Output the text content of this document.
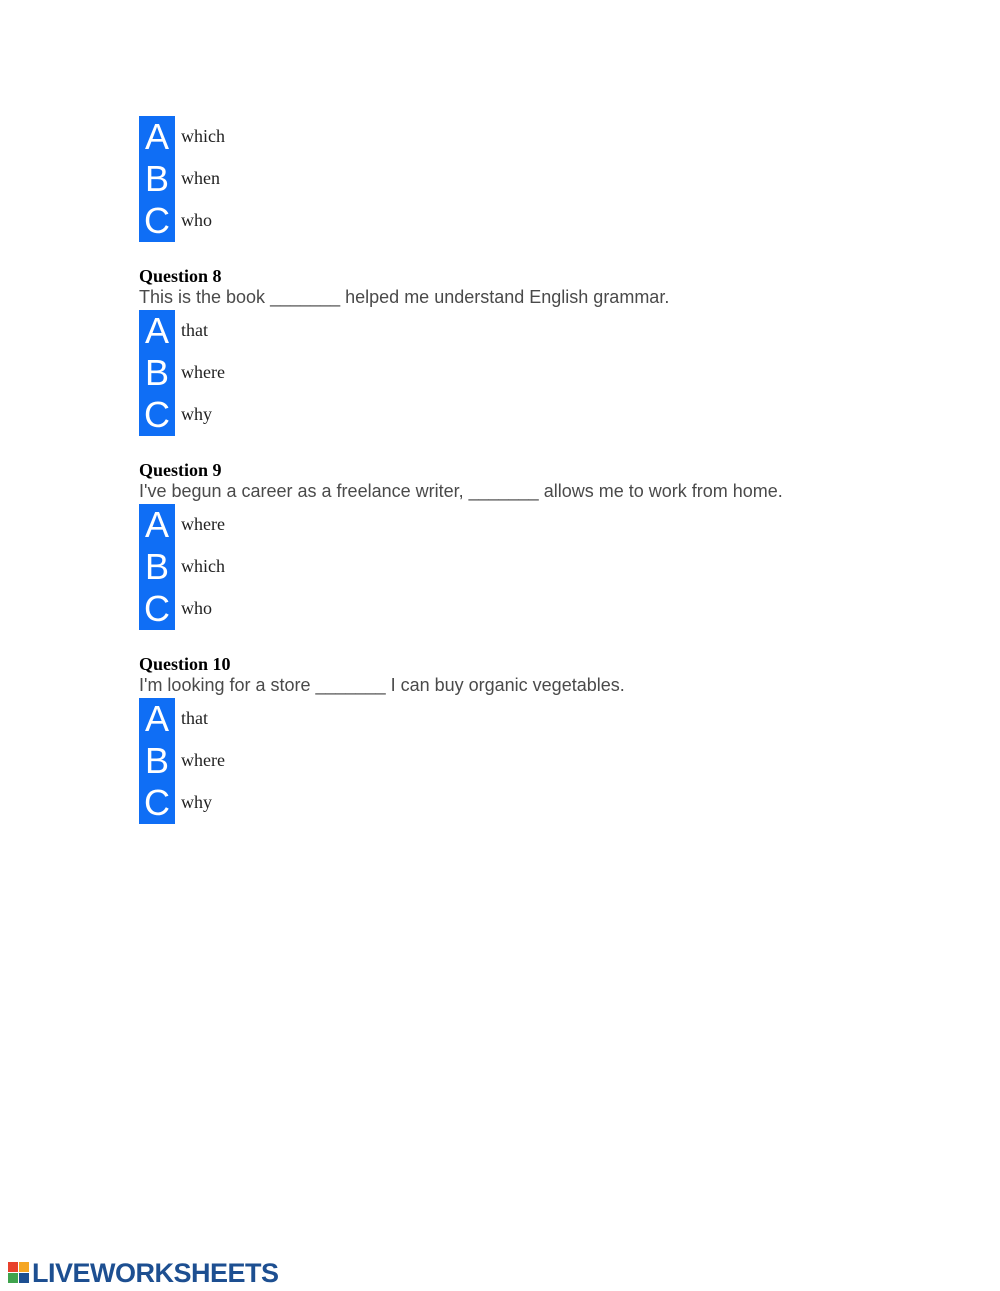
A which
B when
C who
Question 8
This is the book _______ helped me understand English grammar.
A that
B where
C why
Question 9
I've begun a career as a freelance writer, _______ allows me to work from home.
A where
B which
C who
Question 10
I'm looking for a store _______ I can buy organic vegetables.
A that
B where
C why
LIVEWORKSHEETS
